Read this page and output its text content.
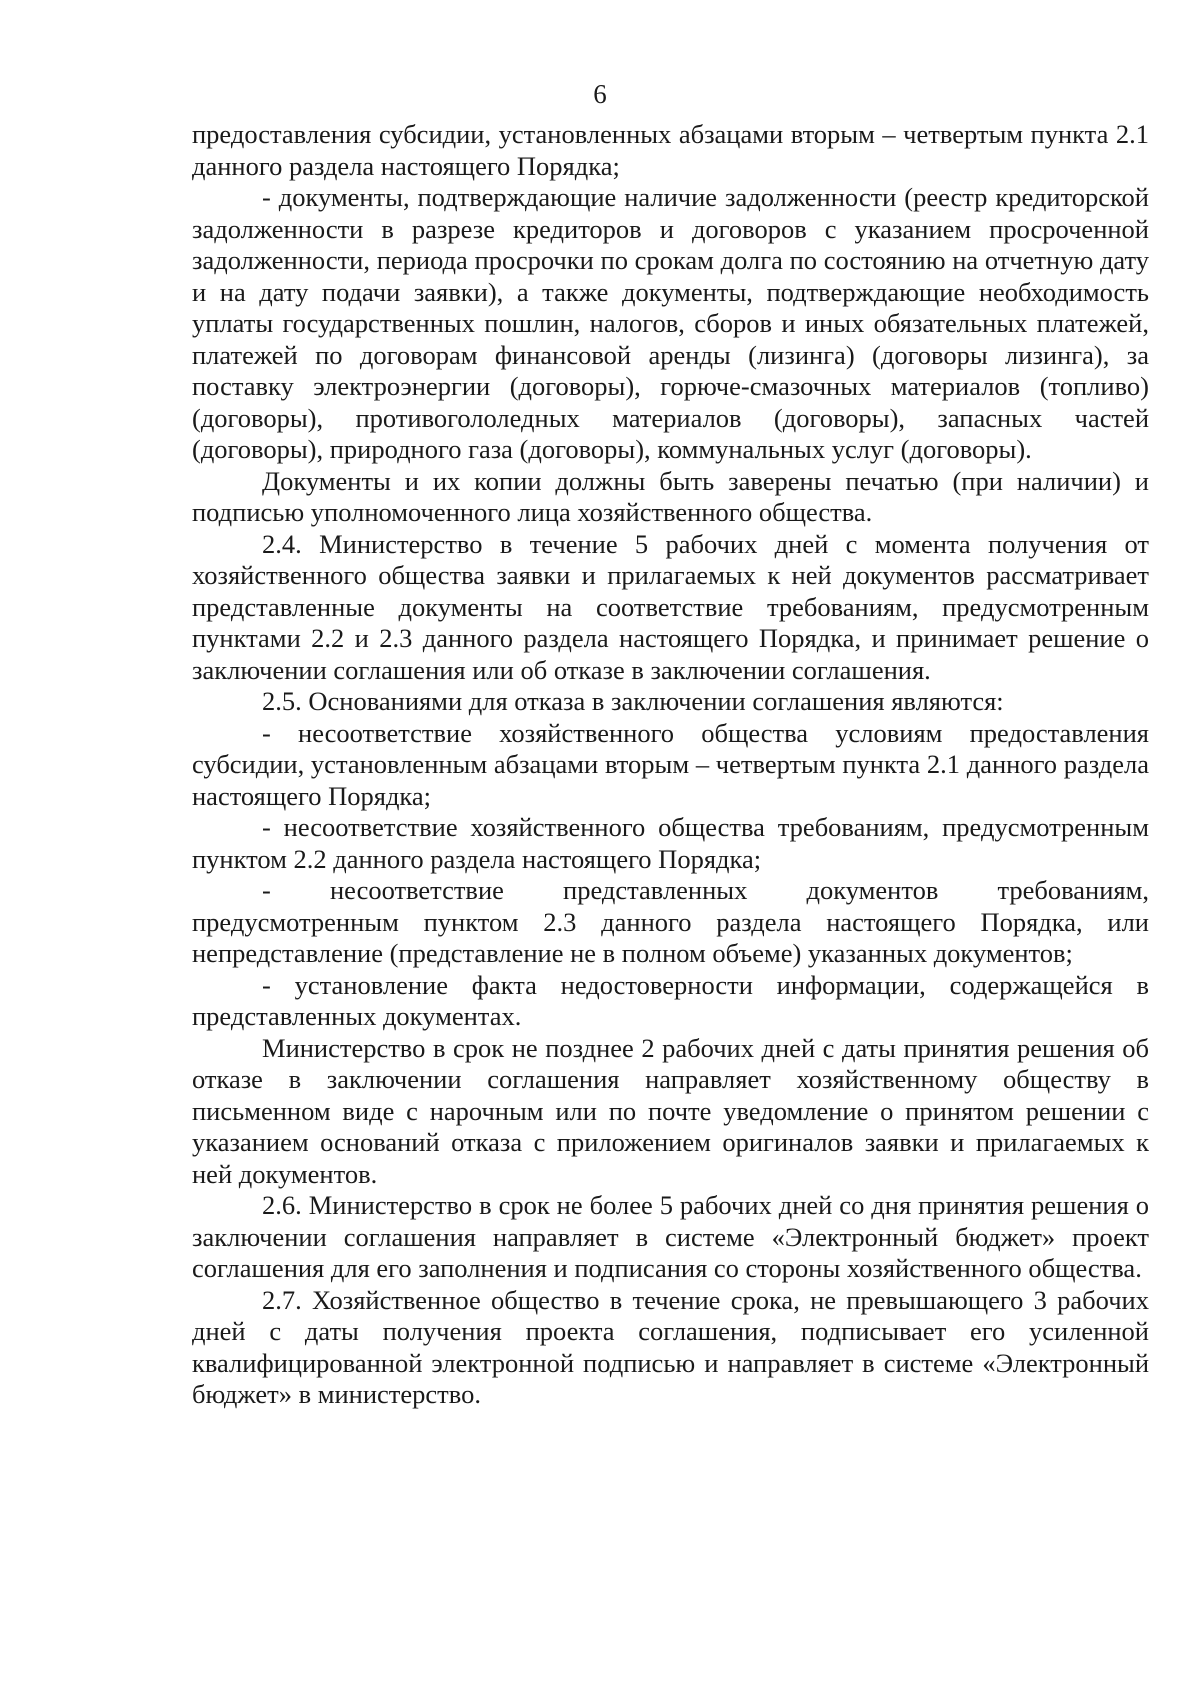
6

предоставления субсидии, установленных абзацами вторым – четвертым пункта 2.1 данного раздела настоящего Порядка;

- документы, подтверждающие наличие задолженности (реестр кредиторской задолженности в разрезе кредиторов и договоров с указанием просроченной задолженности, периода просрочки по срокам долга по состоянию на отчетную дату и на дату подачи заявки), а также документы, подтверждающие необходимость уплаты государственных пошлин, налогов, сборов и иных обязательных платежей, платежей по договорам финансовой аренды (лизинга) (договоры лизинга), за поставку электроэнергии (договоры), горюче-смазочных материалов (топливо) (договоры), противогололедных материалов (договоры), запасных частей (договоры), природного газа (договоры), коммунальных услуг (договоры).

Документы и их копии должны быть заверены печатью (при наличии) и подписью уполномоченного лица хозяйственного общества.

2.4. Министерство в течение 5 рабочих дней с момента получения от хозяйственного общества заявки и прилагаемых к ней документов рассматривает представленные документы на соответствие требованиям, предусмотренным пунктами 2.2 и 2.3 данного раздела настоящего Порядка, и принимает решение о заключении соглашения или об отказе в заключении соглашения.

2.5. Основаниями для отказа в заключении соглашения являются:

- несоответствие хозяйственного общества условиям предоставления субсидии, установленным абзацами вторым – четвертым пункта 2.1 данного раздела настоящего Порядка;

- несоответствие хозяйственного общества требованиям, предусмотренным пунктом 2.2 данного раздела настоящего Порядка;

- несоответствие представленных документов требованиям, предусмотренным пунктом 2.3 данного раздела настоящего Порядка, или непредставление (представление не в полном объеме) указанных документов;

- установление факта недостоверности информации, содержащейся в представленных документах.

Министерство в срок не позднее 2 рабочих дней с даты принятия решения об отказе в заключении соглашения направляет хозяйственному обществу в письменном виде с нарочным или по почте уведомление о принятом решении с указанием оснований отказа с приложением оригиналов заявки и прилагаемых к ней документов.

2.6. Министерство в срок не более 5 рабочих дней со дня принятия решения о заключении соглашения направляет в системе «Электронный бюджет» проект соглашения для его заполнения и подписания со стороны хозяйственного общества.

2.7. Хозяйственное общество в течение срока, не превышающего 3 рабочих дней с даты получения проекта соглашения, подписывает его усиленной квалифицированной электронной подписью и направляет в системе «Электронный бюджет» в министерство.
